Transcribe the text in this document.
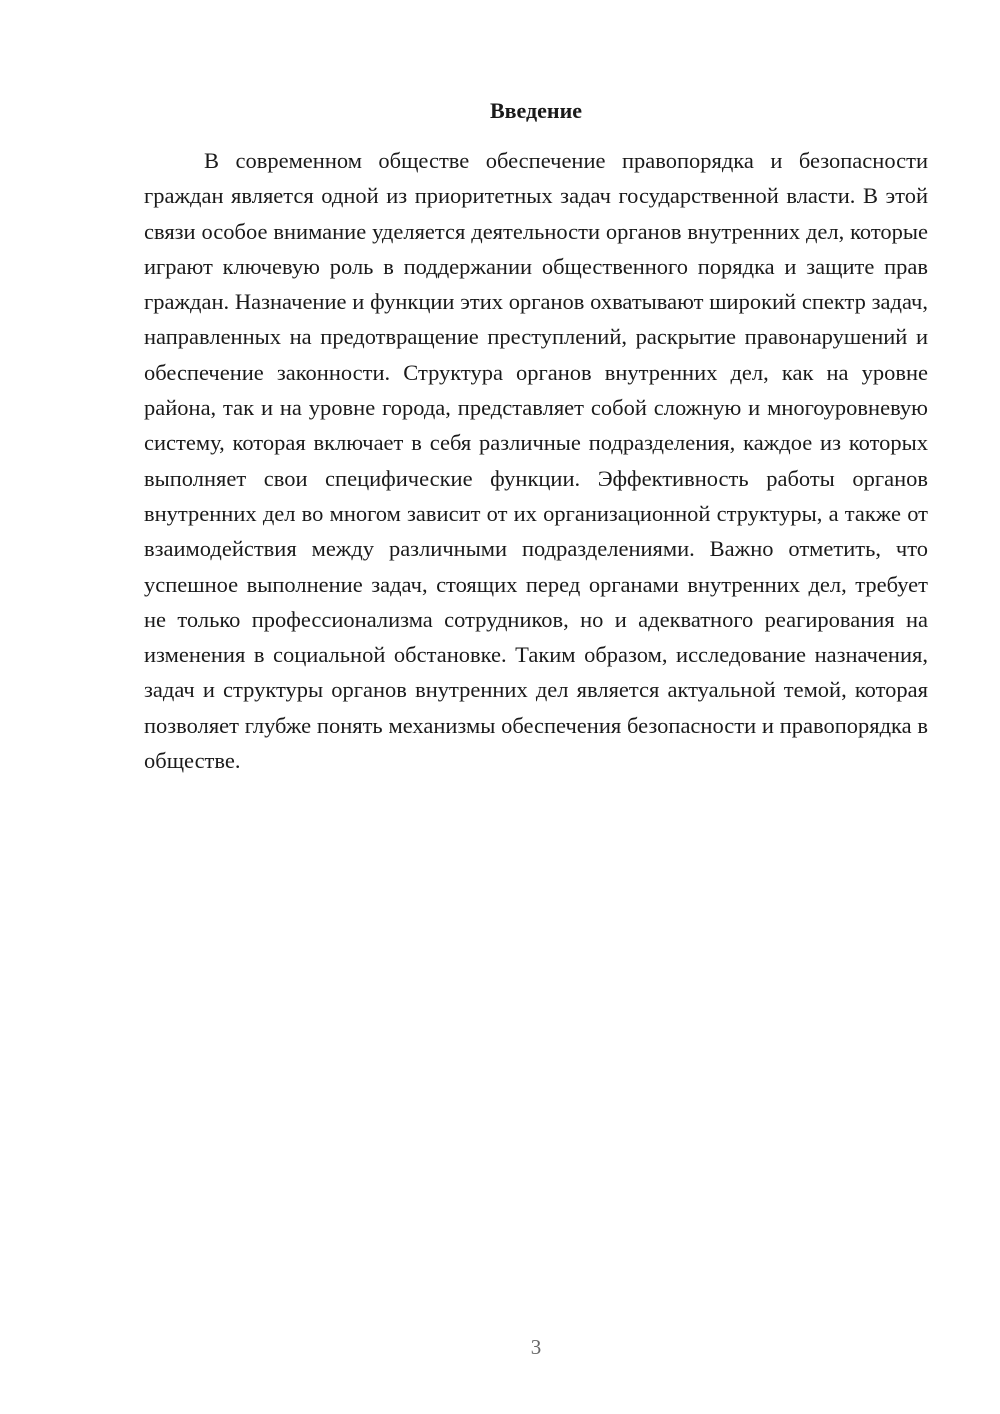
Введение

В современном обществе обеспечение правопорядка и безопасности граждан является одной из приоритетных задач государственной власти. В этой связи особое внимание уделяется деятельности органов внутренних дел, которые играют ключевую роль в поддержании общественного порядка и защите прав граждан. Назначение и функции этих органов охватывают широкий спектр задач, направленных на предотвращение преступлений, раскрытие правонарушений и обеспечение законности. Структура органов внутренних дел, как на уровне района, так и на уровне города, представляет собой сложную и многоуровневую систему, которая включает в себя различные подразделения, каждое из которых выполняет свои специфические функции. Эффективность работы органов внутренних дел во многом зависит от их организационной структуры, а также от взаимодействия между различными подразделениями. Важно отметить, что успешное выполнение задач, стоящих перед органами внутренних дел, требует не только профессионализма сотрудников, но и адекватного реагирования на изменения в социальной обстановке. Таким образом, исследование назначения, задач и структуры органов внутренних дел является актуальной темой, которая позволяет глубже понять механизмы обеспечения безопасности и правопорядка в обществе.

3
